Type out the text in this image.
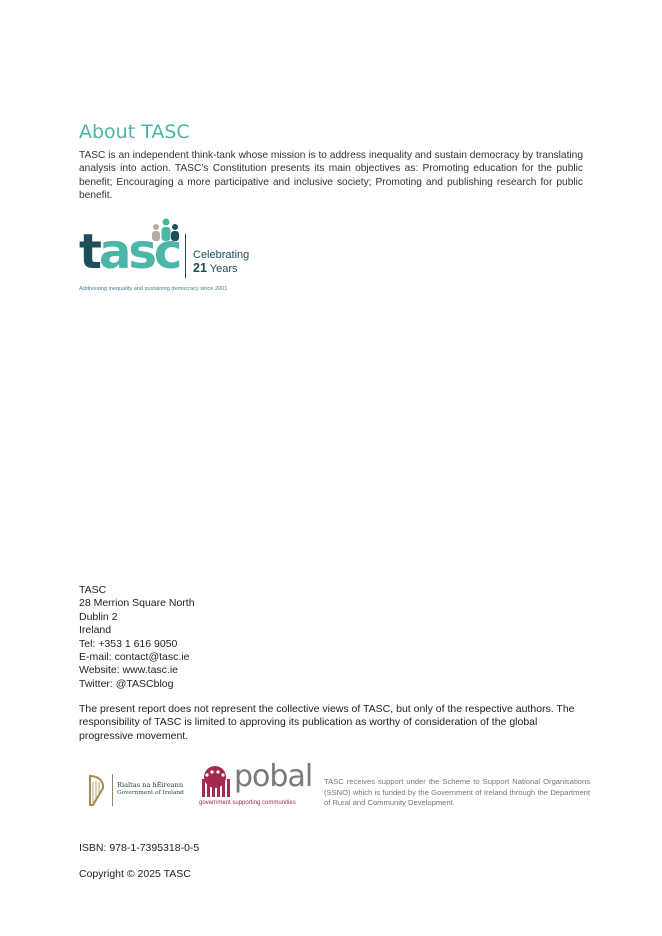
About TASC

TASC is an independent think-tank whose mission is to address inequality and sustain democracy by translating analysis into action. TASC’s Constitution presents its main objectives as: Promoting education for the public benefit; Encouraging a more participative and inclusive society; Promoting and publishing research for public benefit.

tasc Celebrating
21 Years
Addressing inequality and sustaining democracy since 2001
TASC
28 Merrion Square North
Dublin 2
Ireland
Tel: +353 1 616 9050
E-mail: contact@tasc.ie
Website: www.tasc.ie
Twitter: @TASCblog

The present report does not represent the collective views of TASC, but only of the respective authors. The responsibility of TASC is limited to approving its publication as worthy of consideration of the global progressive movement.

Rialtas na hÉireann
Government of Ireland pobal
government supporting communities

TASC receives support under the Scheme to Support National Organisations (SSNO) which is funded by the Government of Ireland through the Department of Rural and Community Development.

ISBN: 978-1-7395318-0-5
Copyright © 2025 TASC
